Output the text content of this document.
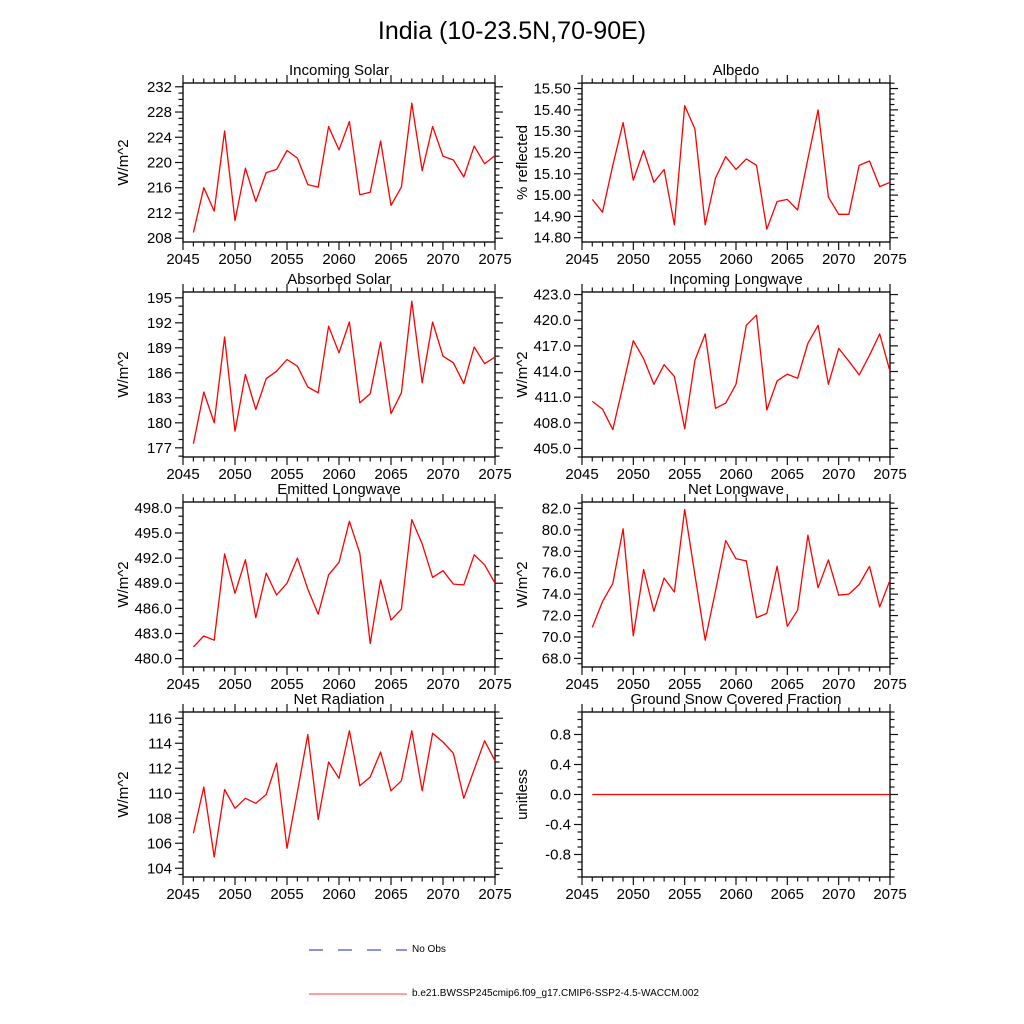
India (10-23.5N,70-90E)
2045 2050 2055 2060 2065 2070 2075
208
212
216
220
224
228
232
Incoming Solar
W/m^2
2045 2050 2055 2060 2065 2070 2075
14.80
14.90
15.00
15.10
15.20
15.30
15.40
15.50
Albedo
% reflected
2045 2050 2055 2060 2065 2070 2075
177
180
183
186
189
192
195
Absorbed Solar
W/m^2
2045 2050 2055 2060 2065 2070 2075
405.0
408.0
411.0
414.0
417.0
420.0
423.0
Incoming Longwave
W/m^2
2045 2050 2055 2060 2065 2070 2075
480.0
483.0
486.0
489.0
492.0
495.0
498.0
Emitted Longwave
W/m^2
2045 2050 2055 2060 2065 2070 2075
68.0
70.0
72.0
74.0
76.0
78.0
80.0
82.0
Net Longwave
W/m^2
2045 2050 2055 2060 2065 2070 2075
104
106
108
110
112
114
116
Net Radiation
W/m^2
2045 2050 2055 2060 2065 2070 2075
-0.8
-0.4
0.0
0.4
0.8
Ground Snow Covered Fraction
unitless
No Obs
b.e21.BWSSP245cmip6.f09_g17.CMIP6-SSP2-4.5-WACCM.002
